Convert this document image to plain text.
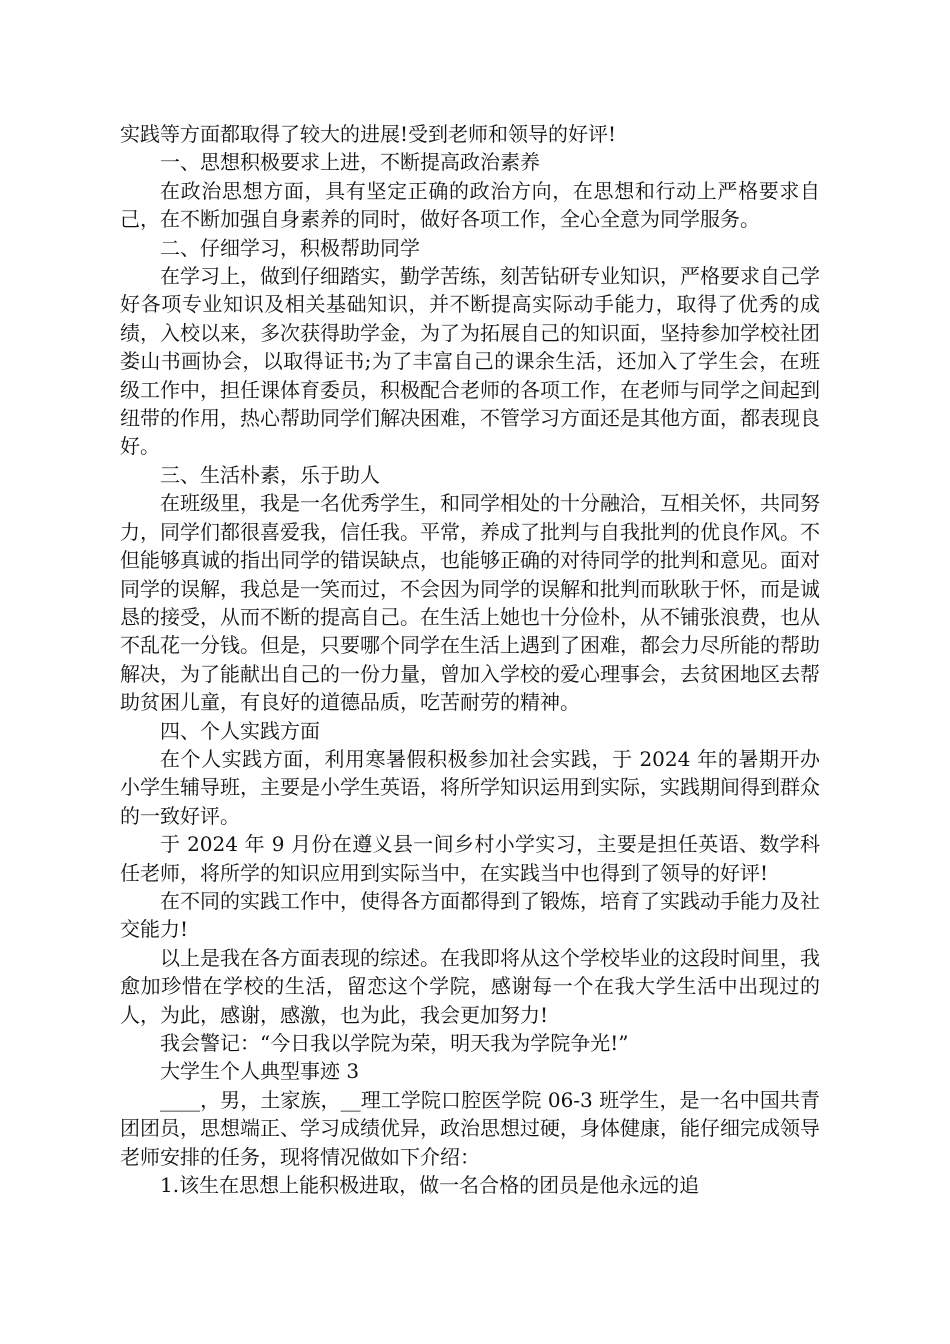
实践等方面都取得了较大的进展!受到老师和领导的好评!

一、思想积极要求上进，不断提高政治素养

在政治思想方面，具有坚定正确的政治方向，在思想和行动上严格要求自己，在不断加强自身素养的同时，做好各项工作，全心全意为同学服务。

二、仔细学习，积极帮助同学

在学习上，做到仔细踏实，勤学苦练，刻苦钻研专业知识，严格要求自己学好各项专业知识及相关基础知识，并不断提高实际动手能力，取得了优秀的成绩，入校以来，多次获得助学金，为了为拓展自己的知识面，坚持参加学校社团娄山书画协会，以取得证书;为了丰富自己的课余生活，还加入了学生会，在班级工作中，担任课体育委员，积极配合老师的各项工作，在老师与同学之间起到纽带的作用，热心帮助同学们解决困难，不管学习方面还是其他方面，都表现良好。

三、生活朴素，乐于助人

在班级里，我是一名优秀学生，和同学相处的十分融洽，互相关怀，共同努力，同学们都很喜爱我，信任我。平常，养成了批判与自我批判的优良作风。不但能够真诚的指出同学的错误缺点，也能够正确的对待同学的批判和意见。面对同学的误解，我总是一笑而过，不会因为同学的误解和批判而耿耿于怀，而是诚恳的接受，从而不断的提高自己。在生活上她也十分俭朴，从不铺张浪费，也从不乱花一分钱。但是，只要哪个同学在生活上遇到了困难，都会力尽所能的帮助解决，为了能献出自己的一份力量，曾加入学校的爱心理事会，去贫困地区去帮助贫困儿童，有良好的道德品质，吃苦耐劳的精神。

四、个人实践方面

在个人实践方面，利用寒暑假积极参加社会实践，于 2024 年的暑期开办小学生辅导班，主要是小学生英语，将所学知识运用到实际，实践期间得到群众的一致好评。

于 2024 年 9 月份在遵义县一间乡村小学实习，主要是担任英语、数学科任老师，将所学的知识应用到实际当中，在实践当中也得到了领导的好评!

在不同的实践工作中，使得各方面都得到了锻炼，培育了实践动手能力及社交能力!

以上是我在各方面表现的综述。在我即将从这个学校毕业的这段时间里，我愈加珍惜在学校的生活，留恋这个学院，感谢每一个在我大学生活中出现过的人，为此，感谢，感激，也为此，我会更加努力!

我会警记：“今日我以学院为荣，明天我为学院争光!”

大学生个人典型事迹 3

____，男，土家族，__理工学院口腔医学院 06-3 班学生，是一名中国共青团团员，思想端正、学习成绩优异，政治思想过硬，身体健康，能仔细完成领导老师安排的任务，现将情况做如下介绍：

1.该生在思想上能积极进取，做一名合格的团员是他永远的追
